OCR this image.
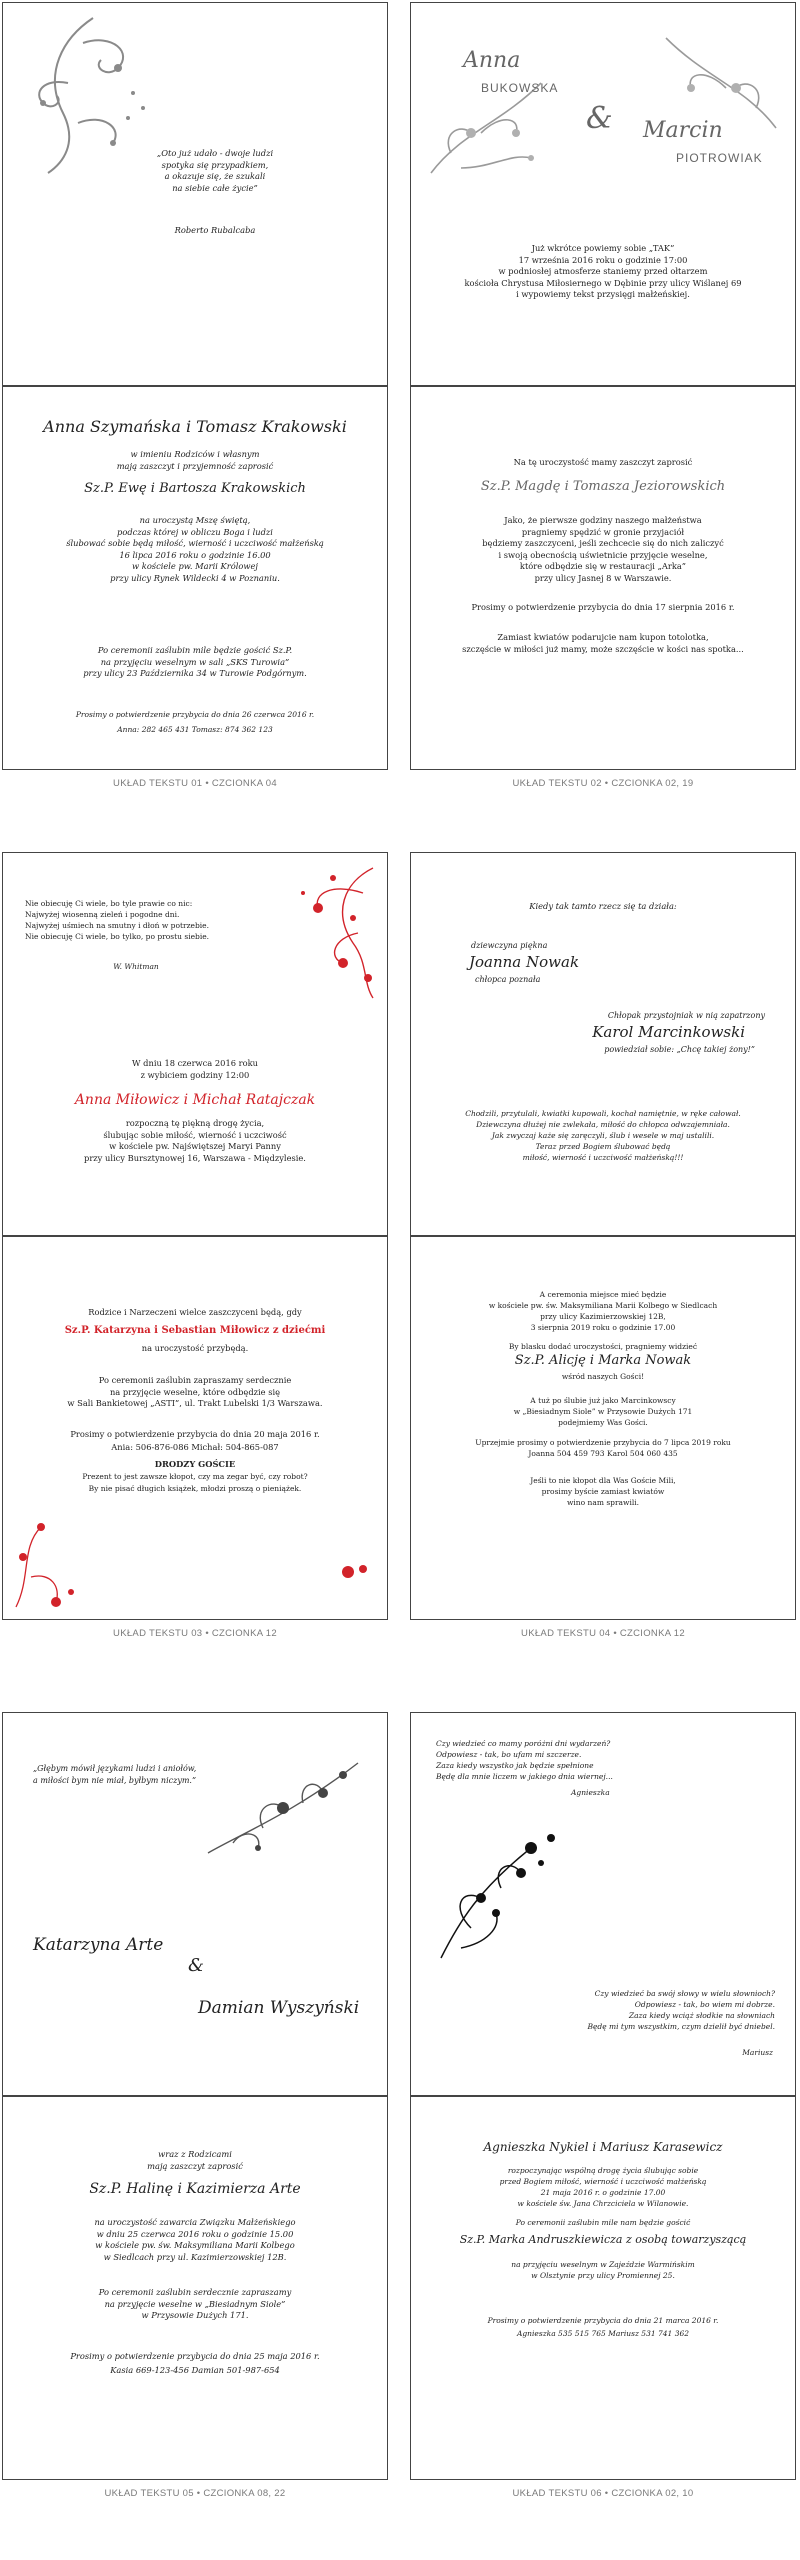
„Oto już udało - dwoje ludzi
spotyka się przypadkiem,
a okazuje się, że szukali
na siebie całe życie”
Roberto Rubalcaba
Anna Szymańska i Tomasz Krakowski
w imieniu Rodziców i własnym
mają zaszczyt i przyjemność zaprosić
Sz.P. Ewę i Bartosza Krakowskich
na uroczystą Mszę świętą,
podczas której w obliczu Boga i ludzi
ślubować sobie będą miłość, wierność i uczciwość małżeńską
16 lipca 2016 roku o godzinie 16.00
w kościele pw. Marii Królowej
przy ulicy Rynek Wildecki 4 w Poznaniu.
Po ceremonii zaślubin mile będzie gościć Sz.P.
na przyjęciu weselnym w sali „SKS Turowia”
przy ulicy 23 Października 34 w Turowie Podgórnym.
Prosimy o potwierdzenie przybycia do dnia 26 czerwca 2016 r.
Anna: 282 465 431 Tomasz: 874 362 123
UKŁAD TEKSTU 01 • CZCIONKA 04
Anna
BUKOWSKA
& Marcin
PIOTROWIAK
Już wkrótce powiemy sobie „TAK”
17 września 2016 roku o godzinie 17:00
w podniosłej atmosferze staniemy przed ołtarzem
kościoła Chrystusa Miłosiernego w Dębinie przy ulicy Wiślanej 69
i wypowiemy tekst przysięgi małżeńskiej.
Na tę uroczystość mamy zaszczyt zaprosić
Sz.P. Magdę i Tomasza Jeziorowskich
Jako, że pierwsze godziny naszego małżeństwa
pragniemy spędzić w gronie przyjaciół
będziemy zaszczyceni, jeśli zechcecie się do nich zaliczyć
i swoją obecnością uświetnicie przyjęcie weselne,
które odbędzie się w restauracji „Arka”
przy ulicy Jasnej 8 w Warszawie.
Prosimy o potwierdzenie przybycia do dnia 17 sierpnia 2016 r.
Zamiast kwiatów podarujcie nam kupon totolotka,
szczęście w miłości już mamy, może szczęście w kości nas spotka...
UKŁAD TEKSTU 02 • CZCIONKA 02, 19
Nie obiecuję Ci wiele, bo tyle prawie co nic:
Najwyżej wiosenną zieleń i pogodne dni.
Najwyżej uśmiech na smutny i dłoń w potrzebie.
Nie obiecuję Ci wiele, bo tylko, po prostu siebie.
W. Whitman
W dniu 18 czerwca 2016 roku
z wybiciem godziny 12:00
Anna Miłowicz i Michał Ratajczak
rozpoczną tę piękną drogę życia,
ślubując sobie miłość, wierność i uczciwość
w kościele pw. Najświętszej Maryi Panny
przy ulicy Bursztynowej 16, Warszawa - Międzylesie.
Rodzice i Narzeczeni wielce zaszczyceni będą, gdy
Sz.P. Katarzyna i Sebastian Miłowicz z dziećmi
na uroczystość przybędą.
Po ceremonii zaślubin zapraszamy serdecznie
na przyjęcie weselne, które odbędzie się
w Sali Bankietowej „ASTI”, ul. Trakt Lubelski 1/3 Warszawa.
Prosimy o potwierdzenie przybycia do dnia 20 maja 2016 r.
Ania: 506-876-086 Michał: 504-865-087
DRODZY GOŚCIE
Prezent to jest zawsze kłopot, czy ma zegar być, czy robot?
By nie pisać długich książek, młodzi proszą o pieniążek.
UKŁAD TEKSTU 03 • CZCIONKA 12
Kiedy tak tamto rzecz się ta działa:
dziewczyna piękna
Joanna Nowak
chłopca poznała
Chłopak przystojniak w nią zapatrzony
Karol Marcinkowski
powiedział sobie: „Chcę takiej żony!”
Chodzili, przytulali, kwiatki kupowali, kochał namiętnie, w ręke całował.
Dziewczyna dłużej nie zwlekała, miłość do chłopca odwzajemniała.
Jak zwyczaj każe się zaręczyli, ślub i wesele w maj ustalili.
Teraz przed Bogiem ślubować będą
miłość, wierność i uczciwość małżeńską!!!
A ceremonia miejsce mieć będzie
w kościele pw. św. Maksymiliana Marii Kolbego w Siedlcach
przy ulicy Kazimierzowskiej 12B,
3 sierpnia 2019 roku o godzinie 17.00
By blasku dodać uroczystości, pragniemy widzieć
Sz.P. Alicję i Marka Nowak
wśród naszych Gości!
A tuż po ślubie już jako Marcinkowscy
w „Biesiadnym Siole” w Przysowie Dużych 171
podejmiemy Was Gości.
Uprzejmie prosimy o potwierdzenie przybycia do 7 lipca 2019 roku
Joanna 504 459 793 Karol 504 060 435
Jeśli to nie kłopot dla Was Goście Mili,
prosimy byście zamiast kwiatów
wino nam sprawili.
UKŁAD TEKSTU 04 • CZCIONKA 12
„Głębym mówił językami ludzi i aniołów,
a miłości bym nie miał, byłbym niczym.”
Katarzyna Arte
&
Damian Wyszyński
wraz z Rodzicami
mają zaszczyt zaprosić
Sz.P. Halinę i Kazimierza Arte
na uroczystość zawarcia Związku Małżeńskiego
w dniu 25 czerwca 2016 roku o godzinie 15.00
w kościele pw. św. Maksymiliana Marii Kolbego
w Siedlcach przy ul. Kazimierzowskiej 12B.
Po ceremonii zaślubin serdecznie zapraszamy
na przyjęcie weselne w „Biesiadnym Siole”
w Przysowie Dużych 171.
Prosimy o potwierdzenie przybycia do dnia 25 maja 2016 r.
Kasia 669-123-456 Damian 501-987-654
UKŁAD TEKSTU 05 • CZCIONKA 08, 22
Czy wiedzieć co mamy poróżni dni wydarzeń?
Odpowiesz - tak, bo ufam mi szczerze.
Zaza kiedy wszystko jak będzie spełnione
Będę dla mnie liczem w jakiego dnia wiernej...
Agnieszka
Czy wiedzieć ba swój słowy w wielu słownioch?
Odpowiesz - tak, bo wiem mi dobrze.
Zaza kiedy wciąż słodkie na słowniach
Będę mi tym wszystkim, czym dzielił być dniebel.
Mariusz
Agnieszka Nykiel i Mariusz Karasewicz
rozpoczynając wspólną drogę życia ślubując sobie
przed Bogiem miłość, wierność i uczciwość małżeńską
21 maja 2016 r. o godzinie 17.00
w kościele św. Jana Chrzciciela w Wilanowie.
Po ceremonii zaślubin mile nam będzie gościć
Sz.P. Marka Andruszkiewicza z osobą towarzyszącą
na przyjęciu weselnym w Zajeździe Warmińskim
w Olsztynie przy ulicy Promiennej 25.
Prosimy o potwierdzenie przybycia do dnia 21 marca 2016 r.
Agnieszka 535 515 765 Mariusz 531 741 362
UKŁAD TEKSTU 06 • CZCIONKA 02, 10
